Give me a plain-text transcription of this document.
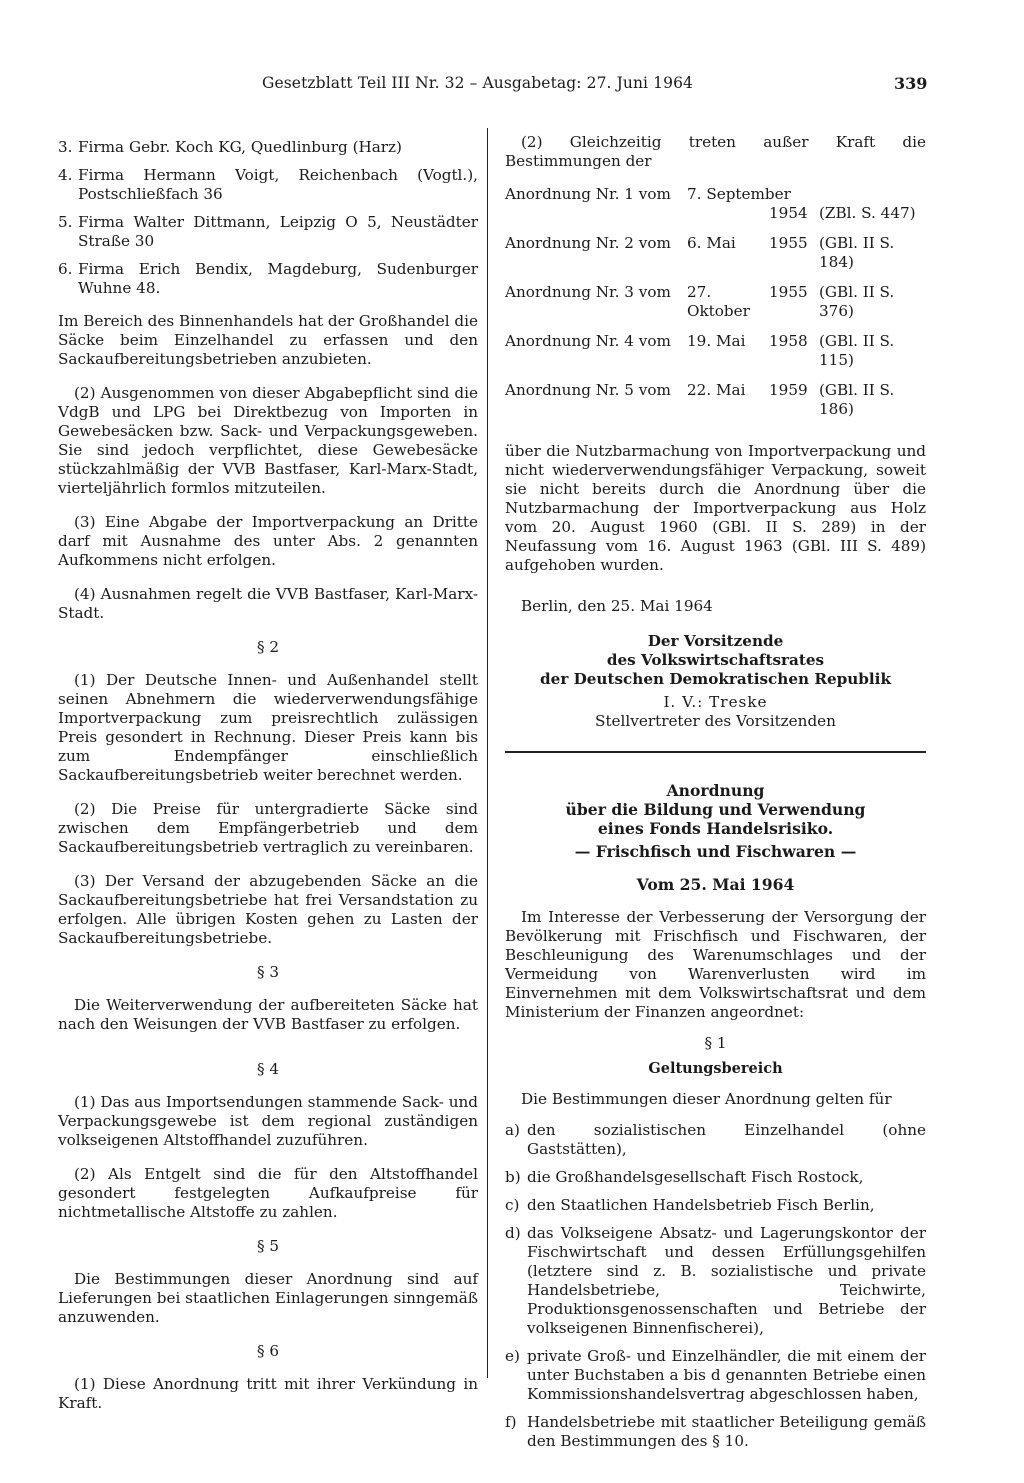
Gesetzblatt Teil III Nr. 32 – Ausgabetag: 27. Juni 1964	339
3. Firma Gebr. Koch KG, Quedlinburg (Harz)
4. Firma Hermann Voigt, Reichenbach (Vogtl.), Postschließfach 36
5. Firma Walter Dittmann, Leipzig O 5, Neustädter Straße 30
6. Firma Erich Bendix, Magdeburg, Sudenburger Wuhne 48.

Im Bereich des Binnenhandels hat der Großhandel die Säcke beim Einzelhandel zu erfassen und den Sackaufbereitungsbetrieben anzubieten.

(2) Ausgenommen von dieser Abgabepflicht sind die VdgB und LPG bei Direktbezug von Importen in Gewebesäcken bzw. Sack- und Verpackungsgeweben. Sie sind jedoch verpflichtet, diese Gewebesäcke stückzahlmäßig der VVB Bastfaser, Karl-Marx-Stadt, vierteljährlich formlos mitzuteilen.

(3) Eine Abgabe der Importverpackung an Dritte darf mit Ausnahme des unter Abs. 2 genannten Aufkommens nicht erfolgen.

(4) Ausnahmen regelt die VVB Bastfaser, Karl-Marx-Stadt.

§ 2

(1) Der Deutsche Innen- und Außenhandel stellt seinen Abnehmern die wiederverwendungsfähige Importverpackung zum preisrechtlich zulässigen Preis gesondert in Rechnung. Dieser Preis kann bis zum Endempfänger einschließlich Sackaufbereitungsbetrieb weiter berechnet werden.

(2) Die Preise für untergradierte Säcke sind zwischen dem Empfängerbetrieb und dem Sackaufbereitungsbetrieb vertraglich zu vereinbaren.

(3) Der Versand der abzugebenden Säcke an die Sackaufbereitungsbetriebe hat frei Versandstation zu erfolgen. Alle übrigen Kosten gehen zu Lasten der Sackaufbereitungsbetriebe.

§ 3

Die Weiterverwendung der aufbereiteten Säcke hat nach den Weisungen der VVB Bastfaser zu erfolgen.

§ 4

(1) Das aus Importsendungen stammende Sack- und Verpackungsgewebe ist dem regional zuständigen volkseigenen Altstoffhandel zuzuführen.

(2) Als Entgelt sind die für den Altstoffhandel gesondert festgelegten Aufkaufpreise für nichtmetallische Altstoffe zu zahlen.

§ 5

Die Bestimmungen dieser Anordnung sind auf Lieferungen bei staatlichen Einlagerungen sinngemäß anzuwenden.

§ 6

(1) Diese Anordnung tritt mit ihrer Verkündung in Kraft.

(2) Gleichzeitig treten außer Kraft die Bestimmungen der

Anordnung Nr. 1 vom	7. September		
		1954	(ZBl. S. 447)
Anordnung Nr. 2 vom	6. Mai	1955	(GBl. II S. 184)
Anordnung Nr. 3 vom	27. Oktober	1955	(GBl. II S. 376)
Anordnung Nr. 4 vom	19. Mai	1958	(GBl. II S. 115)
Anordnung Nr. 5 vom	22. Mai	1959	(GBl. II S. 186)

über die Nutzbarmachung von Importverpackung und nicht wiederverwendungsfähiger Verpackung, soweit sie nicht bereits durch die Anordnung über die Nutzbarmachung der Importverpackung aus Holz vom 20. August 1960 (GBl. II S. 289) in der Neufassung vom 16. August 1963 (GBl. III S. 489) aufgehoben wurden.

Berlin, den 25. Mai 1964

Der Vorsitzende
des Volkswirtschaftsrates
der Deutschen Demokratischen Republik
I. V.: Treske
Stellvertreter des Vorsitzenden
Anordnung
über die Bildung und Verwendung
eines Fonds Handelsrisiko.
— Frischfisch und Fischwaren —
Vom 25. Mai 1964

Im Interesse der Verbesserung der Versorgung der Bevölkerung mit Frischfisch und Fischwaren, der Beschleunigung des Warenumschlages und der Vermeidung von Warenverlusten wird im Einvernehmen mit dem Volkswirtschaftsrat und dem Ministerium der Finanzen angeordnet:

§ 1
Geltungsbereich

Die Bestimmungen dieser Anordnung gelten für

a) den sozialistischen Einzelhandel (ohne Gaststätten),
b) die Großhandelsgesellschaft Fisch Rostock,
c) den Staatlichen Handelsbetrieb Fisch Berlin,
d) das Volkseigene Absatz- und Lagerungskontor der Fischwirtschaft und dessen Erfüllungsgehilfen (letztere sind z. B. sozialistische und private Handelsbetriebe, Teichwirte, Produktionsgenossenschaften und Betriebe der volkseigenen Binnenfischerei),
e) private Groß- und Einzelhändler, die mit einem der unter Buchstaben a bis d genannten Betriebe einen Kommissionshandelsvertrag abgeschlossen haben,
f) Handelsbetriebe mit staatlicher Beteiligung gemäß den Bestimmungen des § 10.
